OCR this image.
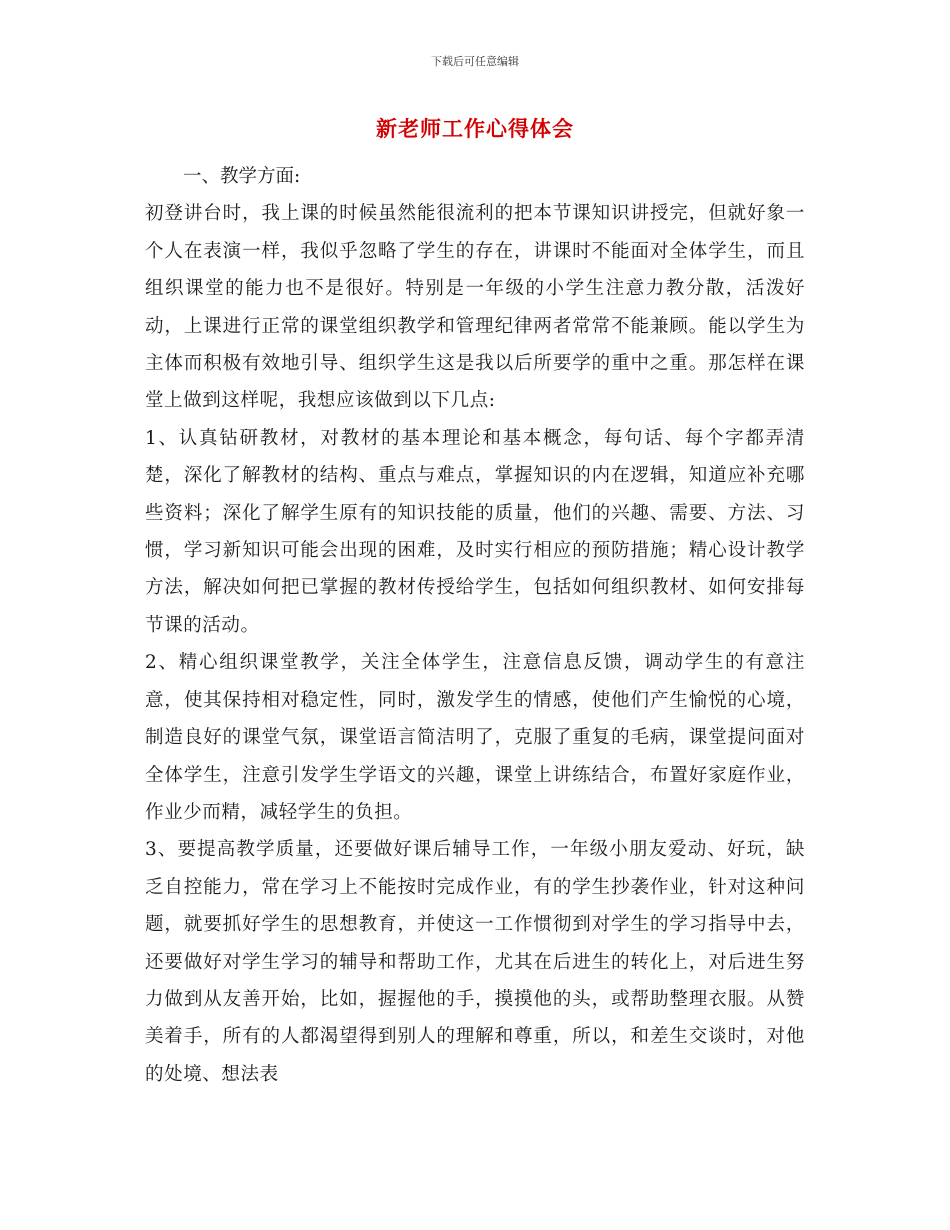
下载后可任意编辑
新老师工作心得体会
一、教学方面:
初登讲台时，我上课的时候虽然能很流利的把本节课知识讲授完，但就好象一个人在表演一样，我似乎忽略了学生的存在，讲课时不能面对全体学生，而且组织课堂的能力也不是很好。特别是一年级的小学生注意力教分散，活泼好动，上课进行正常的课堂组织教学和管理纪律两者常常不能兼顾。能以学生为主体而积极有效地引导、组织学生这是我以后所要学的重中之重。那怎样在课堂上做到这样呢，我想应该做到以下几点:
1、认真钻研教材，对教材的基本理论和基本概念，每句话、每个字都弄清楚，深化了解教材的结构、重点与难点，掌握知识的内在逻辑，知道应补充哪些资料；深化了解学生原有的知识技能的质量，他们的兴趣、需要、方法、习惯，学习新知识可能会出现的困难，及时实行相应的预防措施；精心设计教学方法，解决如何把已掌握的教材传授给学生，包括如何组织教材、如何安排每节课的活动。
2、精心组织课堂教学，关注全体学生，注意信息反馈，调动学生的有意注意，使其保持相对稳定性，同时，激发学生的情感，使他们产生愉悦的心境，制造良好的课堂气氛，课堂语言简洁明了，克服了重复的毛病，课堂提问面对全体学生，注意引发学生学语文的兴趣，课堂上讲练结合，布置好家庭作业，作业少而精，减轻学生的负担。
3、要提高教学质量，还要做好课后辅导工作，一年级小朋友爱动、好玩，缺乏自控能力，常在学习上不能按时完成作业，有的学生抄袭作业，针对这种问题，就要抓好学生的思想教育，并使这一工作惯彻到对学生的学习指导中去，还要做好对学生学习的辅导和帮助工作，尤其在后进生的转化上，对后进生努力做到从友善开始，比如，握握他的手，摸摸他的头，或帮助整理衣服。从赞美着手，所有的人都渴望得到别人的理解和尊重，所以，和差生交谈时，对他的处境、想法表
